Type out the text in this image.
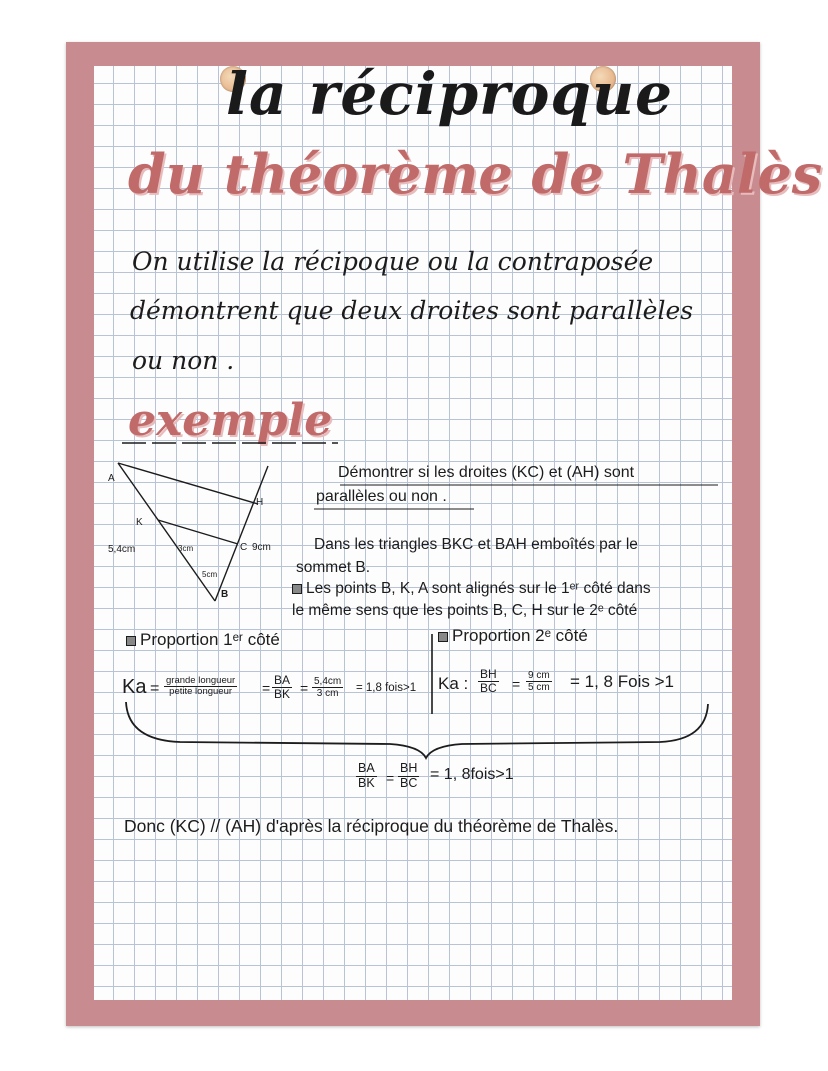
la réciproque
du théorème de Thalès
On utilise la récipoque ou la contraposée
démontrent que deux droites sont parallèles
ou non .
exemple
A
H
K
C
B
5,4cm	3cm	9cm
5cm
Démontrer si les droites (KC) et (AH) sont
parallèles ou non .
Dans les triangles BKC et BAH emboîtés par le
sommet B.
Les points B, K, A sont alignés sur le 1ᵉʳ côté dans
le même sens que les points B, C, H sur le 2ᵉ côté
Proportion 1ᵉʳ côté
Ka = grande longueur
petite longueur = $\frac{BA}{BK} = \frac{5,4cm}{3 cm} = 1,8$ fois>1
Proportion 2ᵉ côté
Ka : $\frac{BH}{BC} = \frac{9 cm}{5 cm} = 1$, 8 Fois >1
$\frac{BA}{BK} = \frac{BH}{BC} = 1$, 8fois>1
Donc (KC) // (AH) d'après la réciproque du théorème de Thalès.
